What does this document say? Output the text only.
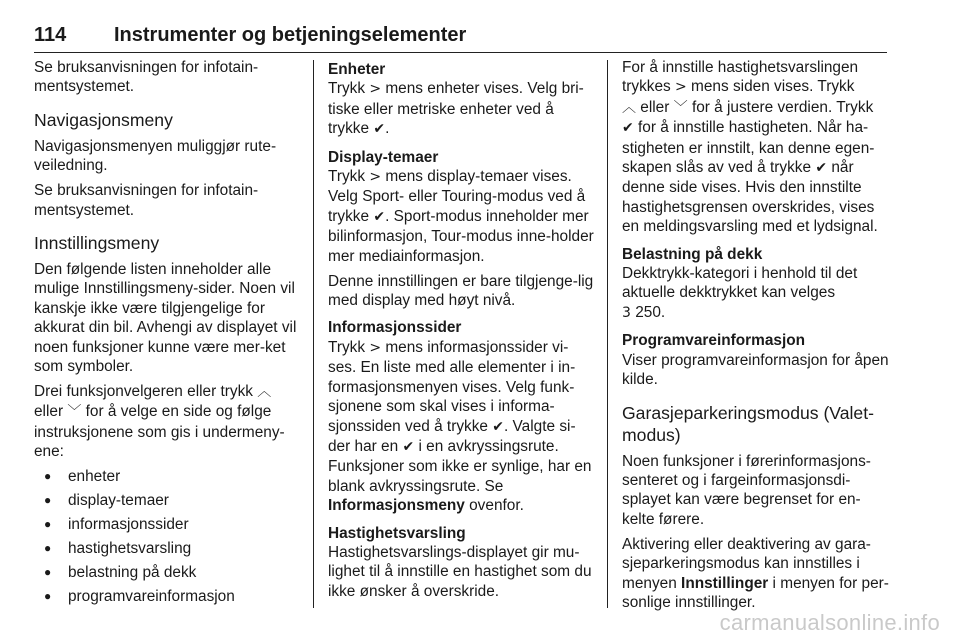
114 Instrumenter og betjeningselementer

Se bruksanvisningen for infotain-mentsystemet.

Navigasjonsmeny

Navigasjonsmenyen muliggjør rute-veiledning.

Se bruksanvisningen for infotain-mentsystemet.

Innstillingsmeny

Den følgende listen inneholder alle mulige Innstillingsmeny-sider. Noen vil kanskje ikke være tilgjengelige for akkurat din bil. Avhengi av displayet vil noen funksjoner kunne være mer-ket som symboler.

Drei funksjonvelgeren eller trykk ︿
eller ﹀ for å velge en side og følge instruksjonene som gis i undermeny-ene:

● enheter
● display-temaer
● informasjonssider
● hastighetsvarsling
● belastning på dekk
● programvareinformasjon
Enheter

Trykk > mens enheter vises. Velg bri-tiske eller metriske enheter ved å trykke ✔.

Display-temaer

Trykk > mens display-temaer vises. Velg Sport- eller Touring-modus ved å trykke ✔. Sport-modus inneholder mer bilinformasjon, Tour-modus inne-holder mer mediainformasjon.

Denne innstillingen er bare tilgjenge-lig med display med høyt nivå.

Informasjonssider

Trykk > mens informasjonssider vi-ses. En liste med alle elementer i in-formasjonsmenyen vises. Velg funk-sjonene som skal vises i informa-sjonssiden ved å trykke ✔. Valgte si-der har en ✔ i en avkryssingsrute. Funksjoner som ikke er synlige, har en blank avkryssingsrute. Se
Informasjonsmeny ovenfor.

Hastighetsvarsling

Hastighetsvarslings-displayet gir mu-lighet til å innstille en hastighet som du ikke ønsker å overskride.

For å innstille hastighetsvarslingen trykkes > mens siden vises. Trykk
︿ eller ﹀ for å justere verdien. Trykk
✔ for å innstille hastigheten. Når ha-stigheten er innstilt, kan denne egen-skapen slås av ved å trykke ✔ når denne side vises. Hvis den innstilte hastighetsgrensen overskrides, vises en meldingsvarsling med et lydsignal.

Belastning på dekk

Dekktrykk-kategori i henhold til det aktuelle dekktrykket kan velges
3 250.

Programvareinformasjon

Viser programvareinformasjon for åpen kilde.

Garasjeparkeringsmodus (Valet-modus)

Noen funksjoner i førerinformasjons-senteret og i fargeinformasjonsdi-splayet kan være begrenset for en-kelte førere.

Aktivering eller deaktivering av gara-sjeparkeringsmodus kan innstilles i menyen Innstillinger i menyen for per-sonlige innstillinger.

carmanualsonline.info
